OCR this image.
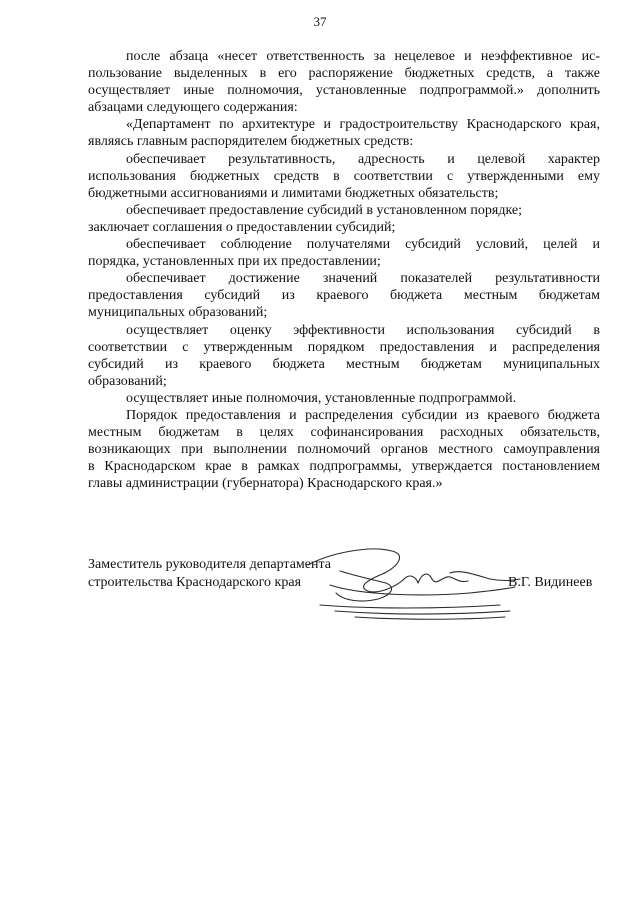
37
после абзаца «несет ответственность за нецелевое и неэффективное ис-
пользование выделенных в его распоряжение бюджетных средств, а также
осуществляет иные полномочия, установленные подпрограммой.» дополнить
абзацами следующего содержания:
«Департамент по архитектуре и градостроительству Краснодарского края,
являясь главным распорядителем бюджетных средств:
обеспечивает результативность, адресность и целевой характер
использования бюджетных средств в соответствии с утвержденными ему
бюджетными ассигнованиями и лимитами бюджетных обязательств;
обеспечивает предоставление субсидий в установленном порядке;
заключает соглашения о предоставлении субсидий;
обеспечивает соблюдение получателями субсидий условий, целей и
порядка, установленных при их предоставлении;
обеспечивает достижение значений показателей результативности
предоставления субсидий из краевого бюджета местным бюджетам
муниципальных образований;
осуществляет оценку эффективности использования субсидий в
соответствии с утвержденным порядком предоставления и распределения
субсидий из краевого бюджета местным бюджетам муниципальных
образований;
осуществляет иные полномочия, установленные подпрограммой.
Порядок предоставления и распределения субсидии из краевого бюджета
местным бюджетам в целях софинансирования расходных обязательств,
возникающих при выполнении полномочий органов местного самоуправления
в Краснодарском крае в рамках подпрограммы, утверждается постановлением
главы администрации (губернатора) Краснодарского края.»
Заместитель руководителя департамента
строительства Краснодарского края	В.Г. Видинеев
